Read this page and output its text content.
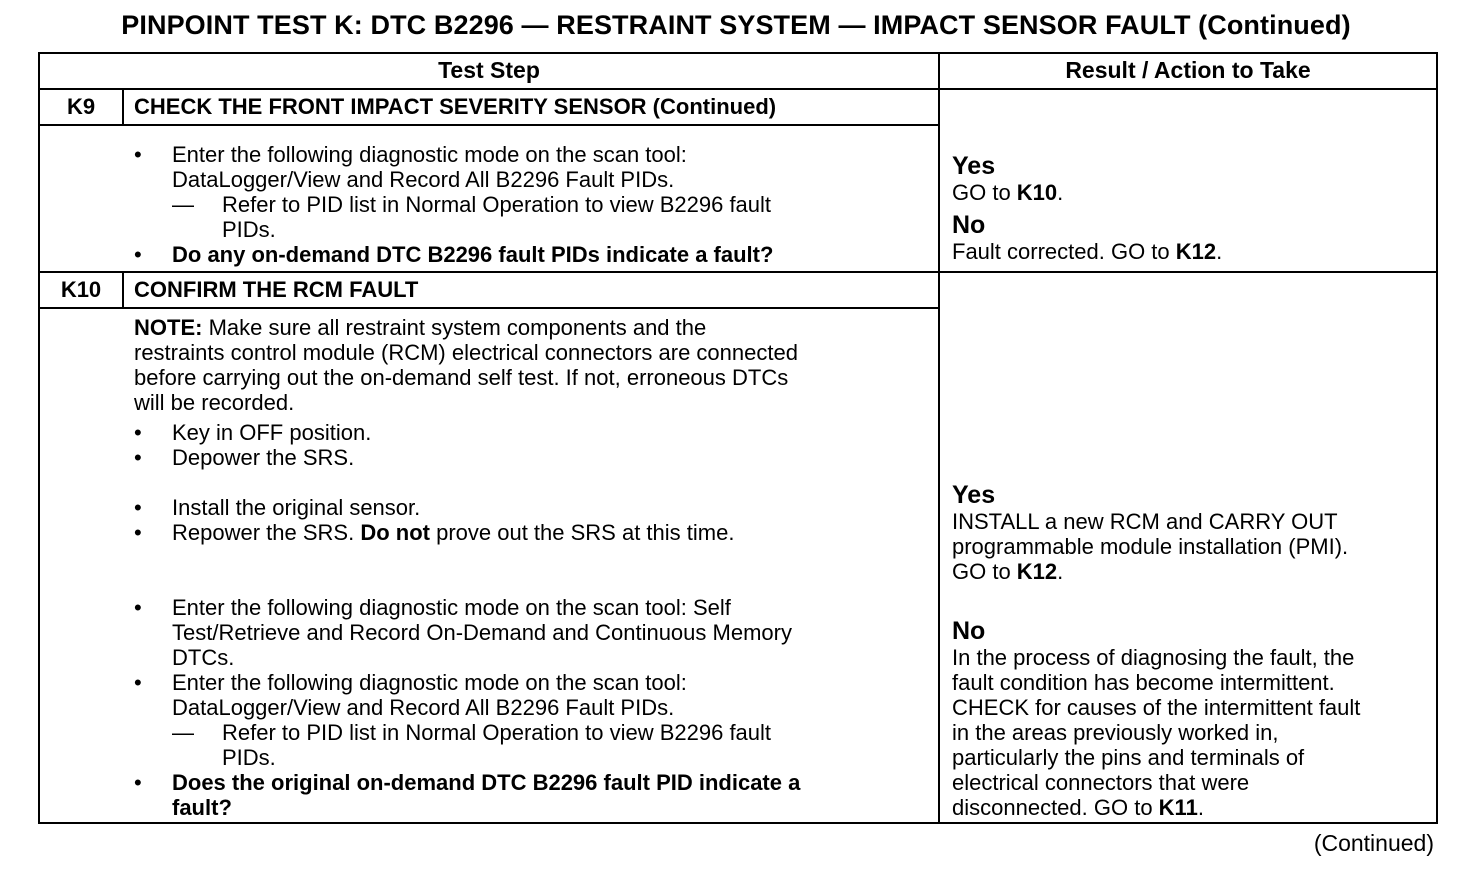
PINPOINT TEST K: DTC B2296 — RESTRAINT SYSTEM — IMPACT SENSOR FAULT (Continued)
Test Step	Result / Action to Take
K9	CHECK THE FRONT IMPACT SEVERITY SENSOR (Continued)
• Enter the following diagnostic mode on the scan tool:

DataLogger/View and Record All B2296 Fault PIDs.

— Refer to PID list in Normal Operation to view B2296 fault

PIDs.

• Do any on-demand DTC B2296 fault PIDs indicate a fault?

Yes
GO to K10.
No
Fault corrected. GO to K12.
K10	CONFIRM THE RCM FAULT

NOTE: Make sure all restraint system components and the

restraints control module (RCM) electrical connectors are connected

before carrying out the on-demand self test. If not, erroneous DTCs

will be recorded.

• Key in OFF position.

• Depower the SRS.

• Install the original sensor.

• Repower the SRS. Do not prove out the SRS at this time.

• Enter the following diagnostic mode on the scan tool: Self

Test/Retrieve and Record On-Demand and Continuous Memory

DTCs.

• Enter the following diagnostic mode on the scan tool:

DataLogger/View and Record All B2296 Fault PIDs.

— Refer to PID list in Normal Operation to view B2296 fault

PIDs.

• Does the original on-demand DTC B2296 fault PID indicate a

fault?

Yes
INSTALL a new RCM and CARRY OUT
programmable module installation (PMI).
GO to K12.
No
In the process of diagnosing the fault, the
fault condition has become intermittent.
CHECK for causes of the intermittent fault
in the areas previously worked in,
particularly the pins and terminals of
electrical connectors that were
disconnected. GO to K11.
(Continued)
